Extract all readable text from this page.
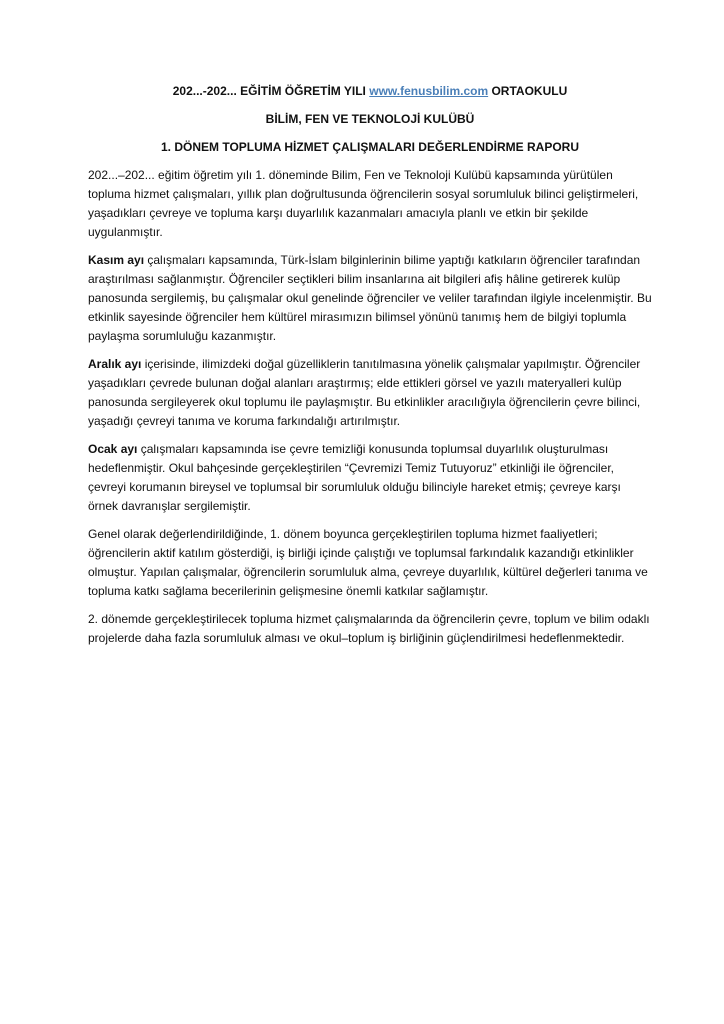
202...-202... EĞİTİM ÖĞRETİM YILI www.fenusbilim.com ORTAOKULU

BİLİM, FEN VE TEKNOLOJİ KULÜBÜ

1. DÖNEM TOPLUMA HİZMET ÇALIŞMALARI DEĞERLENDİRME RAPORU

202...–202... eğitim öğretim yılı 1. döneminde Bilim, Fen ve Teknoloji Kulübü kapsamında yürütülen topluma hizmet çalışmaları, yıllık plan doğrultusunda öğrencilerin sosyal sorumluluk bilinci geliştirmeleri, yaşadıkları çevreye ve topluma karşı duyarlılık kazanmaları amacıyla planlı ve etkin bir şekilde uygulanmıştır.

Kasım ayı çalışmaları kapsamında, Türk-İslam bilginlerinin bilime yaptığı katkıların öğrenciler tarafından araştırılması sağlanmıştır. Öğrenciler seçtikleri bilim insanlarına ait bilgileri afiş hâline getirerek kulüp panosunda sergilemiş, bu çalışmalar okul genelinde öğrenciler ve veliler tarafından ilgiyle incelenmiştir. Bu etkinlik sayesinde öğrenciler hem kültürel mirasımızın bilimsel yönünü tanımış hem de bilgiyi toplumla paylaşma sorumluluğu kazanmıştır.

Aralık ayı içerisinde, ilimizdeki doğal güzelliklerin tanıtılmasına yönelik çalışmalar yapılmıştır. Öğrenciler yaşadıkları çevrede bulunan doğal alanları araştırmış; elde ettikleri görsel ve yazılı materyalleri kulüp panosunda sergileyerek okul toplumu ile paylaşmıştır. Bu etkinlikler aracılığıyla öğrencilerin çevre bilinci, yaşadığı çevreyi tanıma ve koruma farkındalığı artırılmıştır.

Ocak ayı çalışmaları kapsamında ise çevre temizliği konusunda toplumsal duyarlılık oluşturulması hedeflenmiştir. Okul bahçesinde gerçekleştirilen “Çevremizi Temiz Tutuyoruz” etkinliği ile öğrenciler, çevreyi korumanın bireysel ve toplumsal bir sorumluluk olduğu bilinciyle hareket etmiş; çevreye karşı örnek davranışlar sergilemiştir.

Genel olarak değerlendirildiğinde, 1. dönem boyunca gerçekleştirilen topluma hizmet faaliyetleri; öğrencilerin aktif katılım gösterdiği, iş birliği içinde çalıştığı ve toplumsal farkındalık kazandığı etkinlikler olmuştur. Yapılan çalışmalar, öğrencilerin sorumluluk alma, çevreye duyarlılık, kültürel değerleri tanıma ve topluma katkı sağlama becerilerinin gelişmesine önemli katkılar sağlamıştır.

2. dönemde gerçekleştirilecek topluma hizmet çalışmalarında da öğrencilerin çevre, toplum ve bilim odaklı projelerde daha fazla sorumluluk alması ve okul–toplum iş birliğinin güçlendirilmesi hedeflenmektedir.
